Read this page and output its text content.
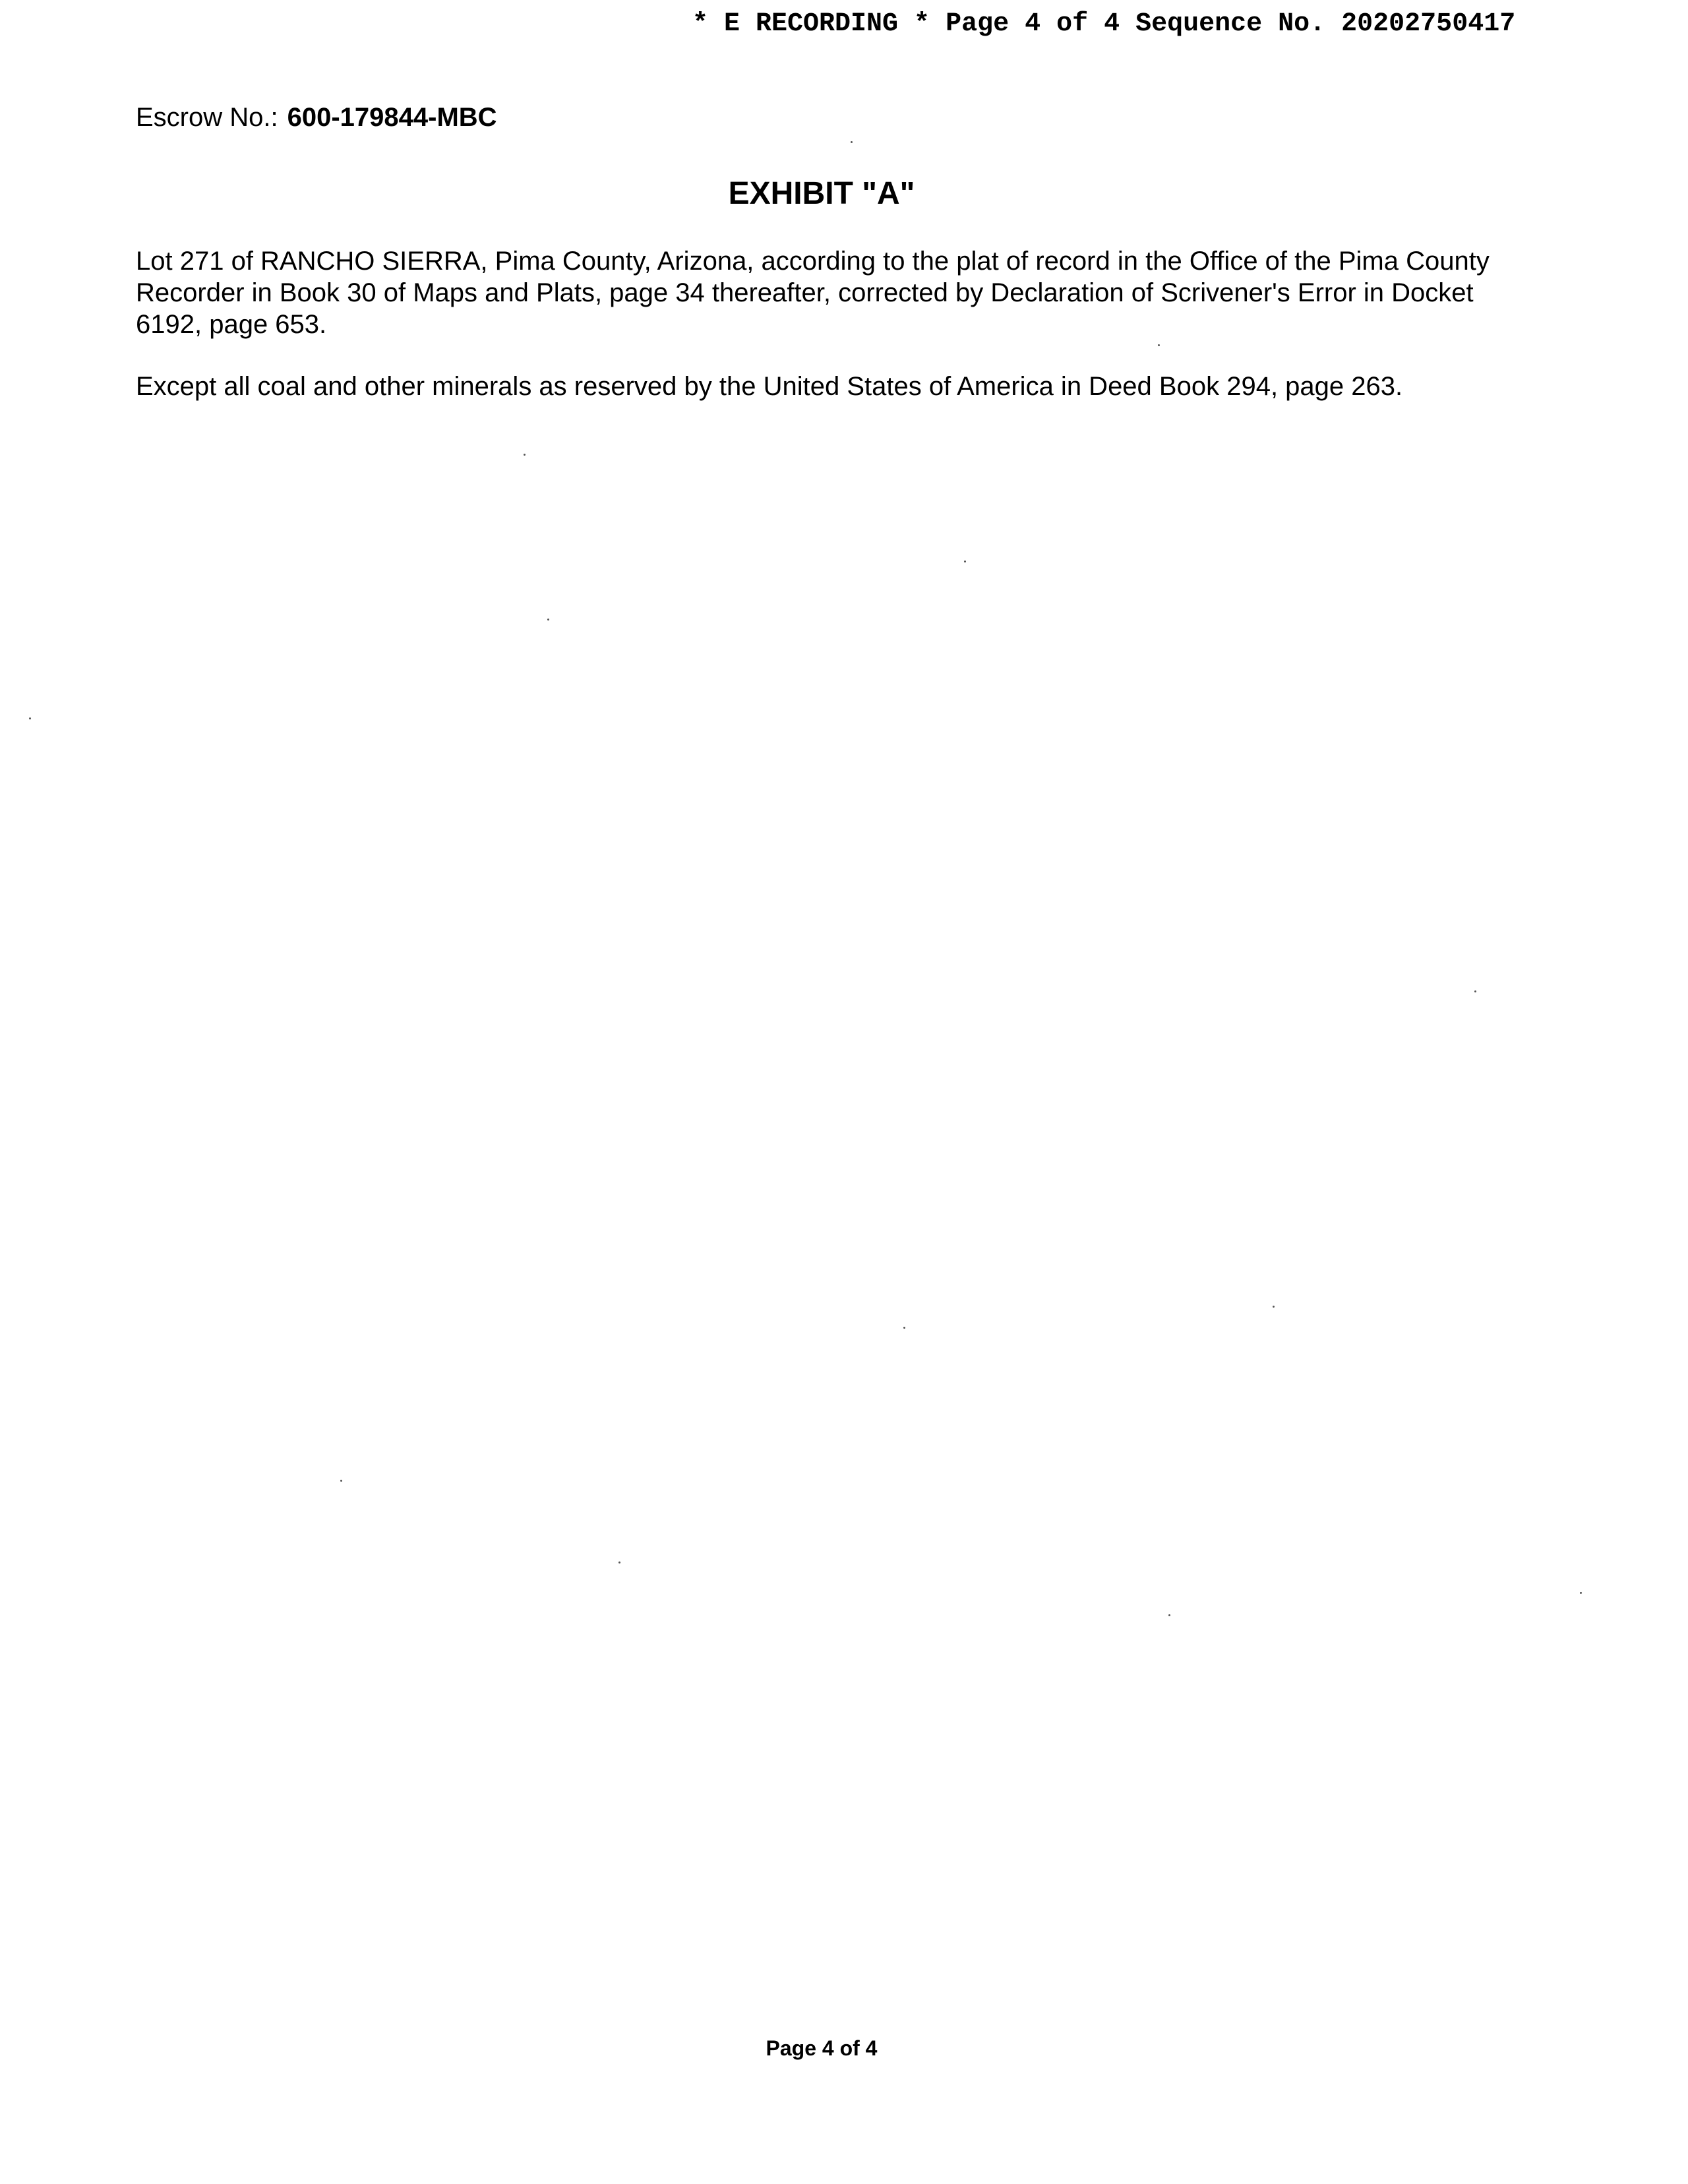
* E RECORDING * Page 4 of 4 Sequence No. 20202750417
Escrow No.: 600-179844-MBC
EXHIBIT "A"

Lot 271 of RANCHO SIERRA, Pima County, Arizona, according to the plat of record in the Office of the Pima County Recorder in Book 30 of Maps and Plats, page 34 thereafter, corrected by Declaration of Scrivener's Error in Docket 6192, page 653.

Except all coal and other minerals as reserved by the United States of America in Deed Book 294, page 263.

Page 4 of 4
